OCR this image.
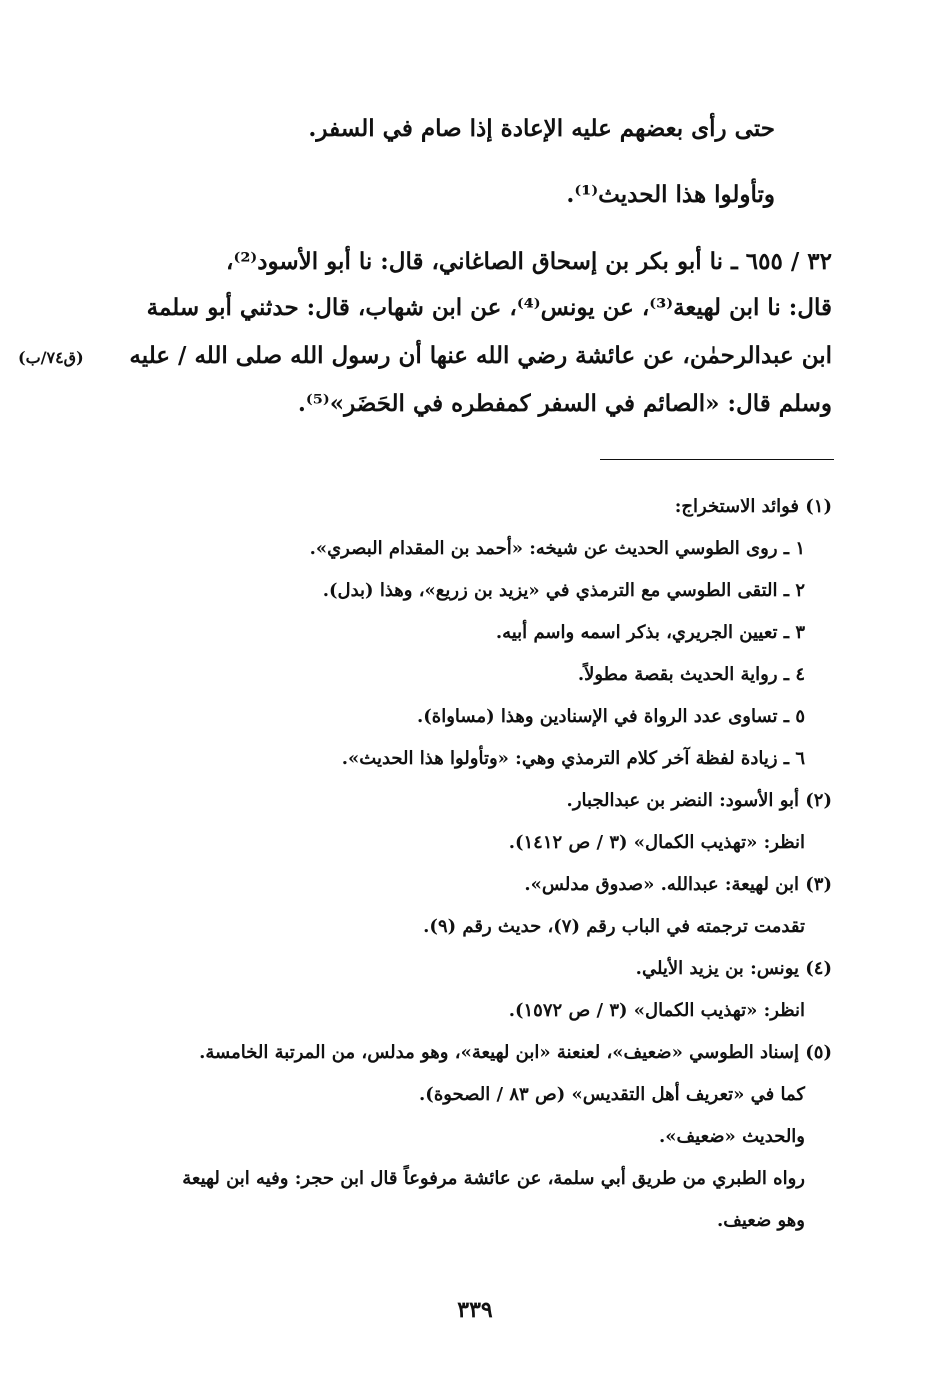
حتى رأى بعضهم عليه الإعادة إذا صام في السفر.
وتأولوا هذا الحديث⁽¹⁾.
٣٢ / ٦٥٥ ـ نا أبو بكر بن إسحاق الصاغاني، قال: نا أبو الأسود⁽²⁾،
قال: نا ابن لهيعة⁽³⁾، عن يونس⁽⁴⁾، عن ابن شهاب، قال: حدثني أبو سلمة
ابن عبدالرحمٰن، عن عائشة رضي الله عنها أن رسول الله صلى الله / عليه
وسلم قال: «الصائم في السفر كمفطره في الحَضَر»⁽⁵⁾.
(ق٧٤/ب)
(١) فوائد الاستخراج:
١ ـ روى الطوسي الحديث عن شيخه: «أحمد بن المقدام البصري».
٢ ـ التقى الطوسي مع الترمذي في «يزيد بن زريع»، وهذا (بدل).
٣ ـ تعيين الجريري، بذكر اسمه واسم أبيه.
٤ ـ رواية الحديث بقصة مطولاً.
٥ ـ تساوى عدد الرواة في الإسنادين وهذا (مساواة).
٦ ـ زيادة لفظة آخر كلام الترمذي وهي: «وتأولوا هذا الحديث».
(٢) أبو الأسود: النضر بن عبدالجبار.
انظر: «تهذيب الكمال» (٣ / ص ١٤١٢).
(٣) ابن لهيعة: عبدالله. «صدوق مدلس».
تقدمت ترجمته في الباب رقم (٧)، حديث رقم (٩).
(٤) يونس: بن يزيد الأيلي.
انظر: «تهذيب الكمال» (٣ / ص ١٥٧٢).
(٥) إسناد الطوسي «ضعيف»، لعنعنة «ابن لهيعة»، وهو مدلس، من المرتبة الخامسة.
كما في «تعريف أهل التقديس» (ص ٨٣ / الصحوة).
والحديث «ضعيف».
رواه الطبري من طريق أبي سلمة، عن عائشة مرفوعاً قال ابن حجر: وفيه ابن لهيعة
وهو ضعيف.
٣٣٩
